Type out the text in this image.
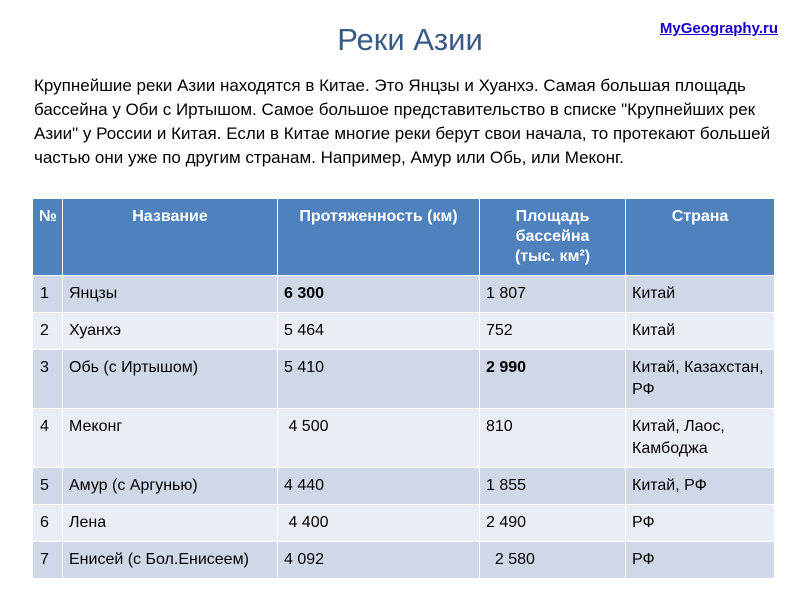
MyGeography.ru
Реки Азии

Крупнейшие реки Азии находятся в Китае. Это Янцзы и Хуанхэ. Самая большая площадь бассейна у Оби с Иртышом. Самое большое представительство в списке "Крупнейших рек Азии" у России и Китая. Если в Китае многие реки берут свои начала, то протекают большей частью они уже по другим странам. Например, Амур или Обь, или Меконг.

№	Название	Протяженность (км)	Площадь
бассейна
(тыс. км²)	Страна
1	Янцзы	6 300	1 807	Китай
2	Хуанхэ	5 464	752	Китай
3	Обь (с Иртышом)	5 410	2 990	Китай, Казахстан, РФ
4	Меконг	4 500	810	Китай, Лаос, Камбоджа
5	Амур (с Аргунью)	4 440	1 855	Китай, РФ
6	Лена	4 400	2 490	РФ
7	Енисей (с Бол.Енисеем)	4 092	2 580	РФ
